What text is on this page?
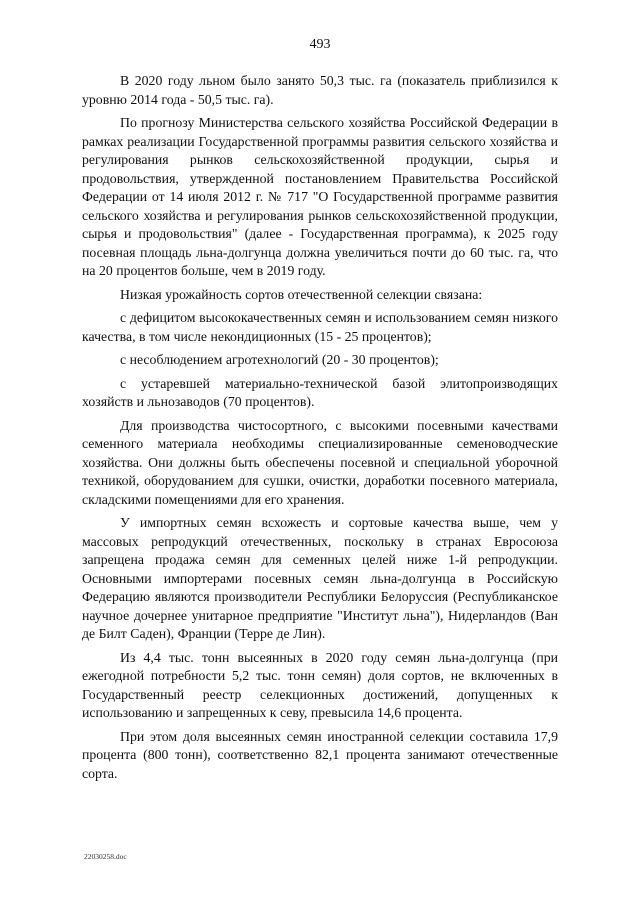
493

В 2020 году льном было занято 50,3 тыс. га (показатель приблизился к уровню 2014 года - 50,5 тыс. га).

По прогнозу Министерства сельского хозяйства Российской Федерации в рамках реализации Государственной программы развития сельского хозяйства и регулирования рынков сельскохозяйственной продукции, сырья и продовольствия, утвержденной постановлением Правительства Российской Федерации от 14 июля 2012 г. № 717 "О Государственной программе развития сельского хозяйства и регулирования рынков сельскохозяйственной продукции, сырья и продовольствия" (далее - Государственная программа), к 2025 году посевная площадь льна-долгунца должна увеличиться почти до 60 тыс. га, что на 20 процентов больше, чем в 2019 году.

Низкая урожайность сортов отечественной селекции связана:

с дефицитом высококачественных семян и использованием семян низкого качества, в том числе некондиционных (15 - 25 процентов);

с несоблюдением агротехнологий (20 - 30 процентов);

с устаревшей материально-технической базой элитопроизводящих хозяйств и льнозаводов (70 процентов).

Для производства чистосортного, с высокими посевными качествами семенного материала необходимы специализированные семеноводческие хозяйства. Они должны быть обеспечены посевной и специальной уборочной техникой, оборудованием для сушки, очистки, доработки посевного материала, складскими помещениями для его хранения.

У импортных семян всхожесть и сортовые качества выше, чем у массовых репродукций отечественных, поскольку в странах Евросоюза запрещена продажа семян для семенных целей ниже 1-й репродукции. Основными импортерами посевных семян льна-долгунца в Российскую Федерацию являются производители Республики Белоруссия (Республиканское научное дочернее унитарное предприятие "Институт льна"), Нидерландов (Ван де Билт Саден), Франции (Терре де Лин).

Из 4,4 тыс. тонн высеянных в 2020 году семян льна-долгунца (при ежегодной потребности 5,2 тыс. тонн семян) доля сортов, не включенных в Государственный реестр селекционных достижений, допущенных к использованию и запрещенных к севу, превысила 14,6 процента.

При этом доля высеянных семян иностранной селекции составила 17,9 процента (800 тонн), соответственно 82,1 процента занимают отечественные сорта.

22030258.doc
